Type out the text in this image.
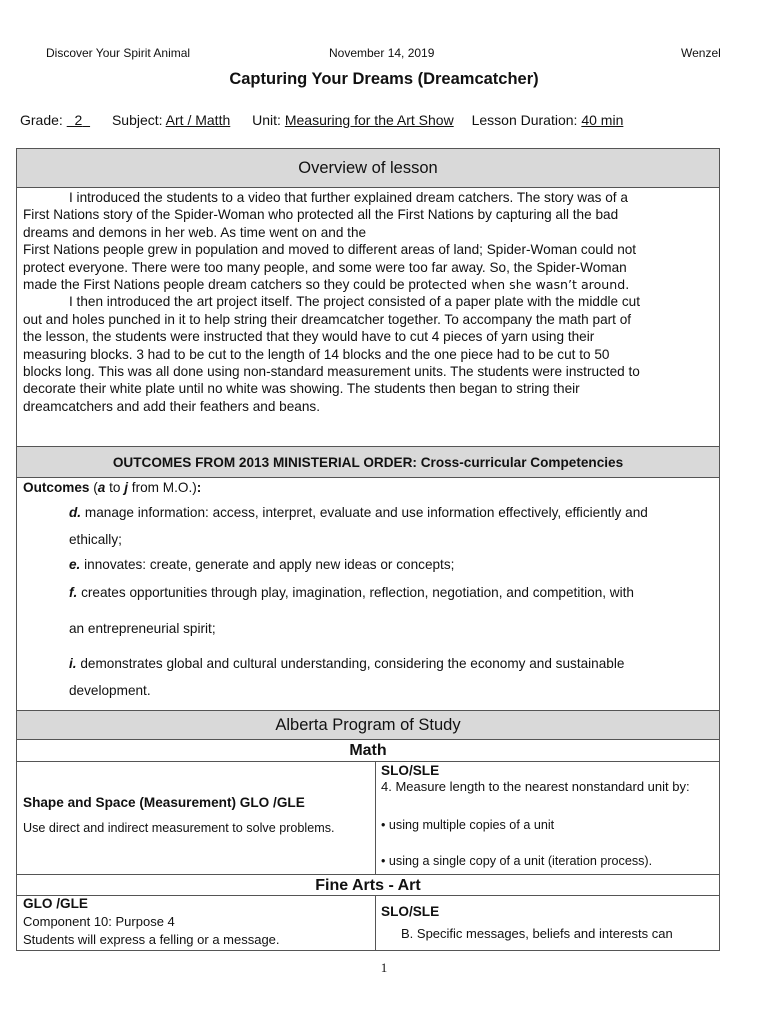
Discover Your Spirit Animal	November 14, 2019	Wenzel
Capturing Your Dreams (Dreamcatcher)
Grade: 2 Subject: Art / Matth Unit: Measuring for the Art Show Lesson Duration: 40 min
Overview of lesson
I introduced the students to a video that further explained dream catchers. The story was of a
First Nations story of the Spider-Woman who protected all the First Nations by capturing all the bad
dreams and demons in her web. As time went on and the
First Nations people grew in population and moved to different areas of land; Spider-Woman could not
protect everyone. There were too many people, and some were too far away. So, the Spider-Woman
made the First Nations people dream catchers so they could be protected when she wasn’t around.
I then introduced the art project itself. The project consisted of a paper plate with the middle cut
out and holes punched in it to help string their dreamcatcher together. To accompany the math part of
the lesson, the students were instructed that they would have to cut 4 pieces of yarn using their
measuring blocks. 3 had to be cut to the length of 14 blocks and the one piece had to be cut to 50
blocks long. This was all done using non-standard measurement units. The students were instructed to
decorate their white plate until no white was showing. The students then began to string their
dreamcatchers and add their feathers and beans.
OUTCOMES FROM 2013 MINISTERIAL ORDER: Cross-curricular Competencies
Outcomes (a to j from M.O.):
d. manage information: access, interpret, evaluate and use information effectively, efficiently and
ethically;
e. innovates: create, generate and apply new ideas or concepts;
f. creates opportunities through play, imagination, reflection, negotiation, and competition, with
an entrepreneurial spirit;
i. demonstrates global and cultural understanding, considering the economy and sustainable
development.
Alberta Program of Study
Math
Shape and Space (Measurement) GLO /GLE
Use direct and indirect measurement to solve problems.
SLO/SLE
4. Measure length to the nearest nonstandard unit by:
• using multiple copies of a unit
• using a single copy of a unit (iteration process).
Fine Arts - Art
GLO /GLE
Component 10: Purpose 4
Students will express a felling or a message.
SLO/SLE
B. Specific messages, beliefs and interests can
1
